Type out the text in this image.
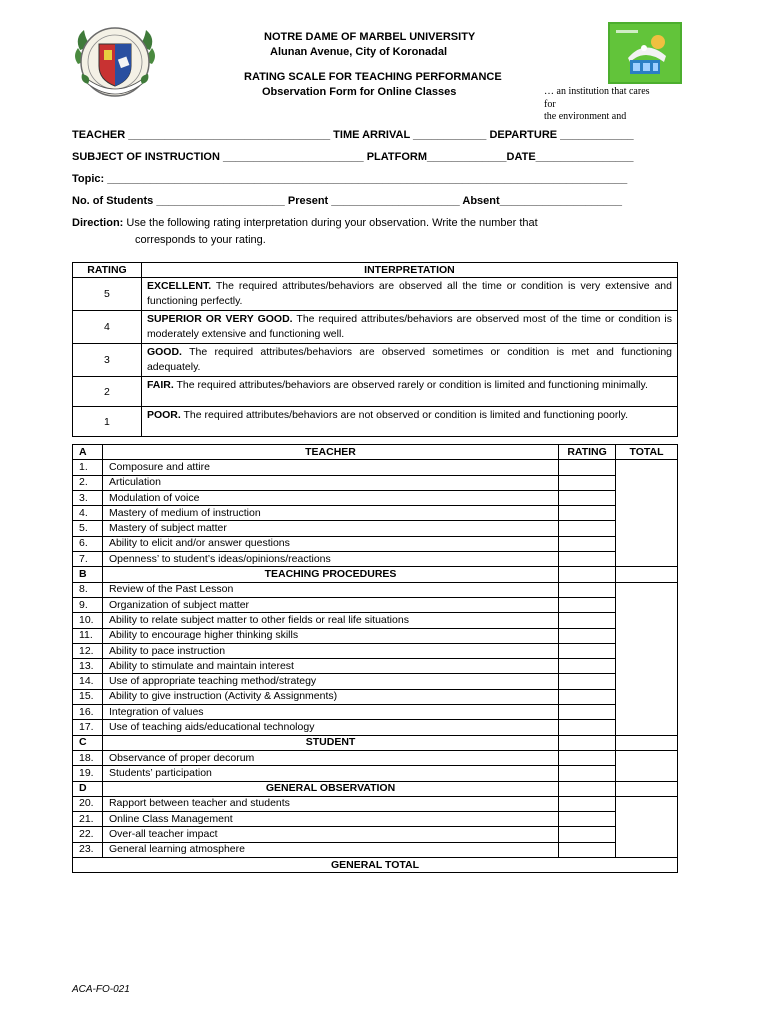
NOTRE DAME OF MARBEL UNIVERSITY
Alunan Avenue, City of Koronadal
RATING SCALE FOR TEACHING PERFORMANCE
Observation Form for Online Classes	… an institution that cares
for
the environment and
TEACHER _________________________________ TIME ARRIVAL ____________ DEPARTURE ____________
SUBJECT OF INSTRUCTION _______________________ PLATFORM_____________DATE________________
Topic: _____________________________________________________________________________________
No. of Students _____________________ Present _____________________ Absent____________________
Direction: Use the following rating interpretation during your observation. Write the number that
corresponds to your rating.
RATING	INTERPRETATION
5	EXCELLENT. The required attributes/behaviors are observed all the time or condition is very extensive and functioning perfectly.
4	SUPERIOR OR VERY GOOD. The required attributes/behaviors are observed most of the time or condition is moderately extensive and functioning well.
3	GOOD. The required attributes/behaviors are observed sometimes or condition is met and functioning adequately.
2	FAIR. The required attributes/behaviors are observed rarely or condition is limited and functioning minimally.
1	POOR. The required attributes/behaviors are not observed or condition is limited and functioning poorly.
A	TEACHER	RATING	TOTAL
1.	Composure and attire		
2.	Articulation		
3.	Modulation of voice		
4.	Mastery of medium of instruction		
5.	Mastery of subject matter		
6.	Ability to elicit and/or answer questions		
7.	Openness’ to student’s ideas/opinions/reactions		
B	TEACHING PROCEDURES		
8.	Review of the Past Lesson		
9.	Organization of subject matter		
10.	Ability to relate subject matter to other fields or real life situations		
11.	Ability to encourage higher thinking skills		
12.	Ability to pace instruction		
13.	Ability to stimulate and maintain interest		
14.	Use of appropriate teaching method/strategy		
15.	Ability to give instruction (Activity & Assignments)		
16.	Integration of values		
17.	Use of teaching aids/educational technology		
C	STUDENT		
18.	Observance of proper decorum		
19.	Students’ participation		
D	GENERAL OBSERVATION		
20.	Rapport between teacher and students		
21.	Online Class Management		
22.	Over-all teacher impact		
23.	General learning atmosphere		
GENERAL TOTAL			
ACA-FO-021
